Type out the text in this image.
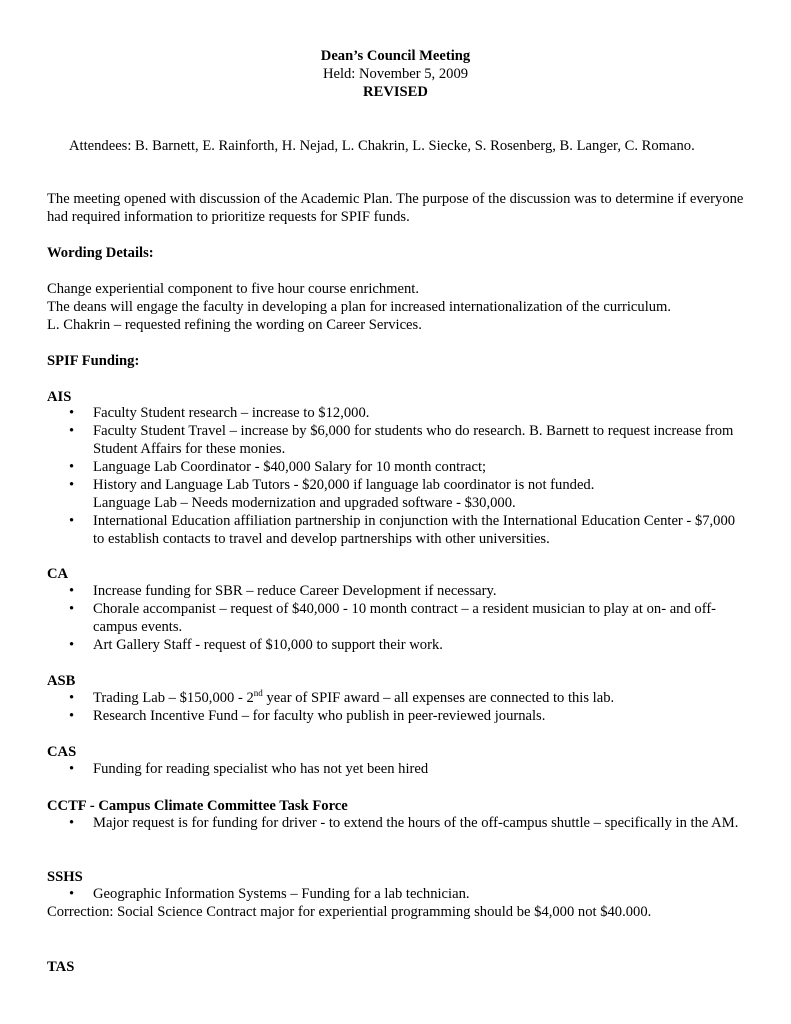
Dean’s Council Meeting
Held: November 5, 2009
REVISED
Attendees: B. Barnett, E. Rainforth, H. Nejad, L. Chakrin, L. Siecke, S. Rosenberg, B. Langer, C. Romano.
The meeting opened with discussion of the Academic Plan. The purpose of the discussion was to determine if everyone had required information to prioritize requests for SPIF funds.
Wording Details:
Change experiential component to five hour course enrichment.
The deans will engage the faculty in developing a plan for increased internationalization of the curriculum.
L. Chakrin – requested refining the wording on Career Services.
SPIF Funding:
AIS
• Faculty Student research – increase to $12,000.
• Faculty Student Travel – increase by $6,000 for students who do research. B. Barnett to request increase from Student Affairs for these monies.
• Language Lab Coordinator - $40,000 Salary for 10 month contract;
• History and Language Lab Tutors - $20,000 if language lab coordinator is not funded.
Language Lab – Needs modernization and upgraded software - $30,000.
• International Education affiliation partnership in conjunction with the International Education Center - $7,000 to establish contacts to travel and develop partnerships with other universities.
CA
• Increase funding for SBR – reduce Career Development if necessary.
• Chorale accompanist – request of $40,000 - 10 month contract – a resident musician to play at on- and off-campus events.
• Art Gallery Staff - request of $10,000 to support their work.
ASB
• Trading Lab – $150,000 - 2nd year of SPIF award – all expenses are connected to this lab.
• Research Incentive Fund – for faculty who publish in peer-reviewed journals.
CAS
• Funding for reading specialist who has not yet been hired
CCTF - Campus Climate Committee Task Force
• Major request is for funding for driver - to extend the hours of the off-campus shuttle – specifically in the AM.
SSHS
• Geographic Information Systems – Funding for a lab technician.
Correction: Social Science Contract major for experiential programming should be $4,000 not $40.000.
TAS
